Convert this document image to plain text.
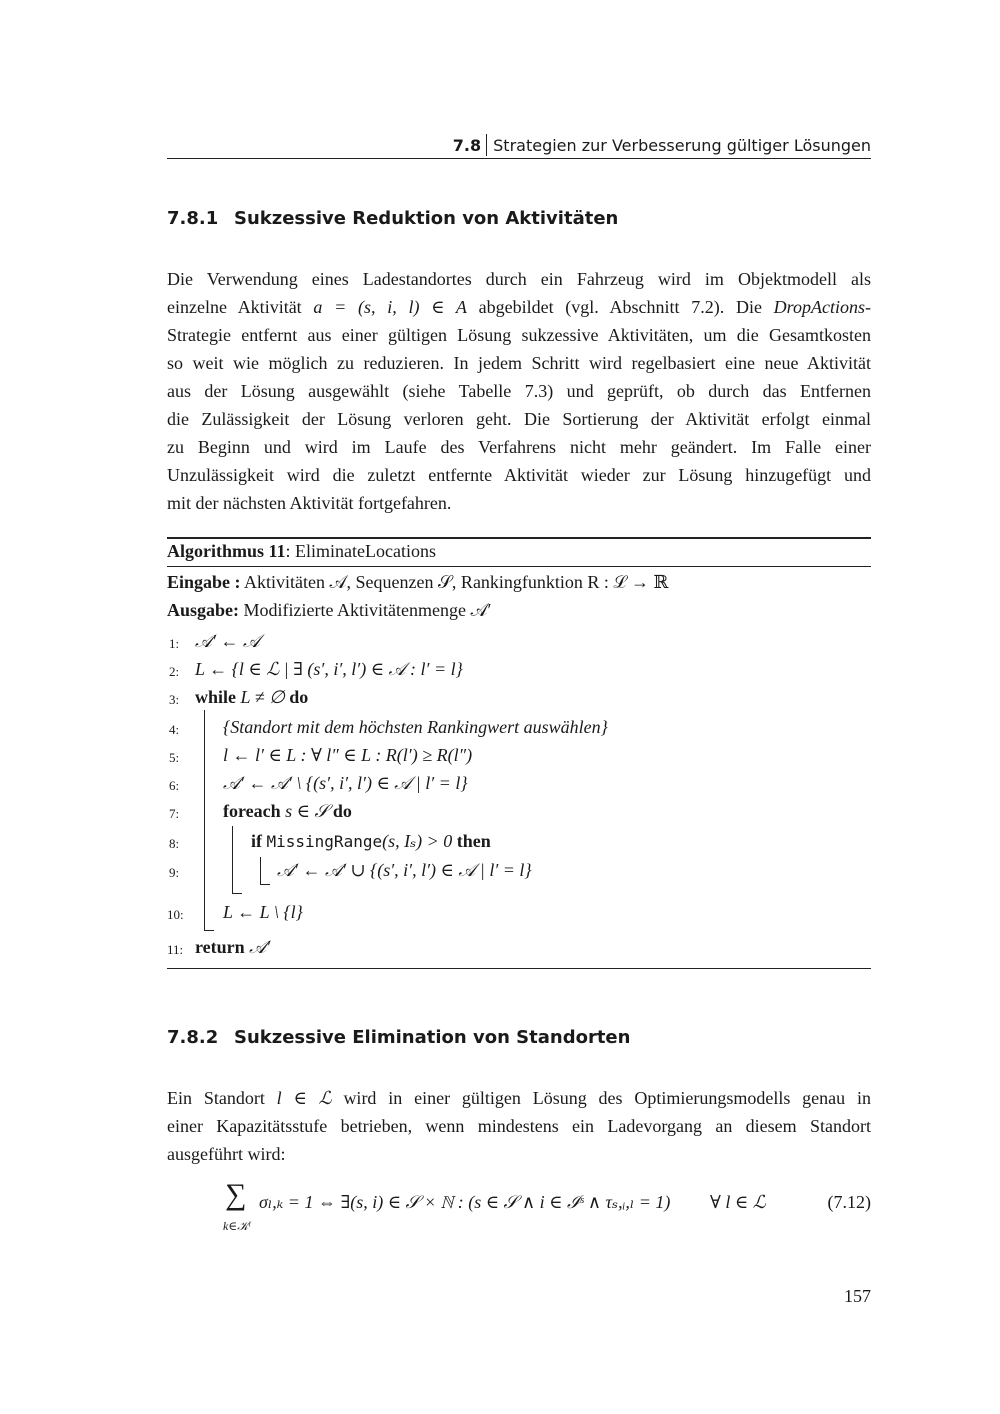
7.8 Strategien zur Verbesserung gültiger Lösungen
7.8.1 Sukzessive Reduktion von Aktivitäten
Die Verwendung eines Ladestandortes durch ein Fahrzeug wird im Objektmodell als
einzelne Aktivität a = (s, i, l) ∈ A abgebildet (vgl. Abschnitt 7.2). Die DropActions-
Strategie entfernt aus einer gültigen Lösung sukzessive Aktivitäten, um die Gesamtkosten
so weit wie möglich zu reduzieren. In jedem Schritt wird regelbasiert eine neue Aktivität
aus der Lösung ausgewählt (siehe Tabelle 7.3) und geprüft, ob durch das Entfernen
die Zulässigkeit der Lösung verloren geht. Die Sortierung der Aktivität erfolgt einmal
zu Beginn und wird im Laufe des Verfahrens nicht mehr geändert. Im Falle einer
Unzulässigkeit wird die zuletzt entfernte Aktivität wieder zur Lösung hinzugefügt und
mit der nächsten Aktivität fortgefahren.
Algorithmus 11: EliminateLocations
Eingabe : Aktivitäten 𝒜, Sequenzen 𝒮, Rankingfunktion R : ℒ → ℝ
Ausgabe: Modifizierte Aktivitätenmenge 𝒜′
1: 𝒜′ ← 𝒜
2: L ← {l ∈ ℒ | ∃ (s′, i′, l′) ∈ 𝒜 : l′ = l}
3: while L ≠ ∅ do
4: {Standort mit dem höchsten Rankingwert auswählen}
5: l ← l′ ∈ L : ∀ l″ ∈ L : R(l′) ≥ R(l″)
6: 𝒜′ ← 𝒜′ \ {(s′, i′, l′) ∈ 𝒜 | l′ = l}
7: foreach s ∈ 𝒮 do
8:	if MissingRange(s, Iₛ) > 0 then
9:	𝒜′ ← 𝒜′ ∪ {(s′, i′, l′) ∈ 𝒜 | l′ = l}
10: L ← L \ {l}
11: return 𝒜′
7.8.2 Sukzessive Elimination von Standorten
Ein Standort l ∈ ℒ wird in einer gültigen Lösung des Optimierungsmodells genau in
einer Kapazitätsstufe betrieben, wenn mindestens ein Ladevorgang an diesem Standort
ausgeführt wird:
∑
k∈𝒦ˡ
σₗ,ₖ = 1 ⇔ ∃(s, i) ∈ 𝒮 × ℕ : (s ∈ 𝒮 ∧ i ∈ ℐˢ ∧ τₛ,ᵢ,ₗ = 1) ∀ l ∈ ℒ	(7.12)
157
